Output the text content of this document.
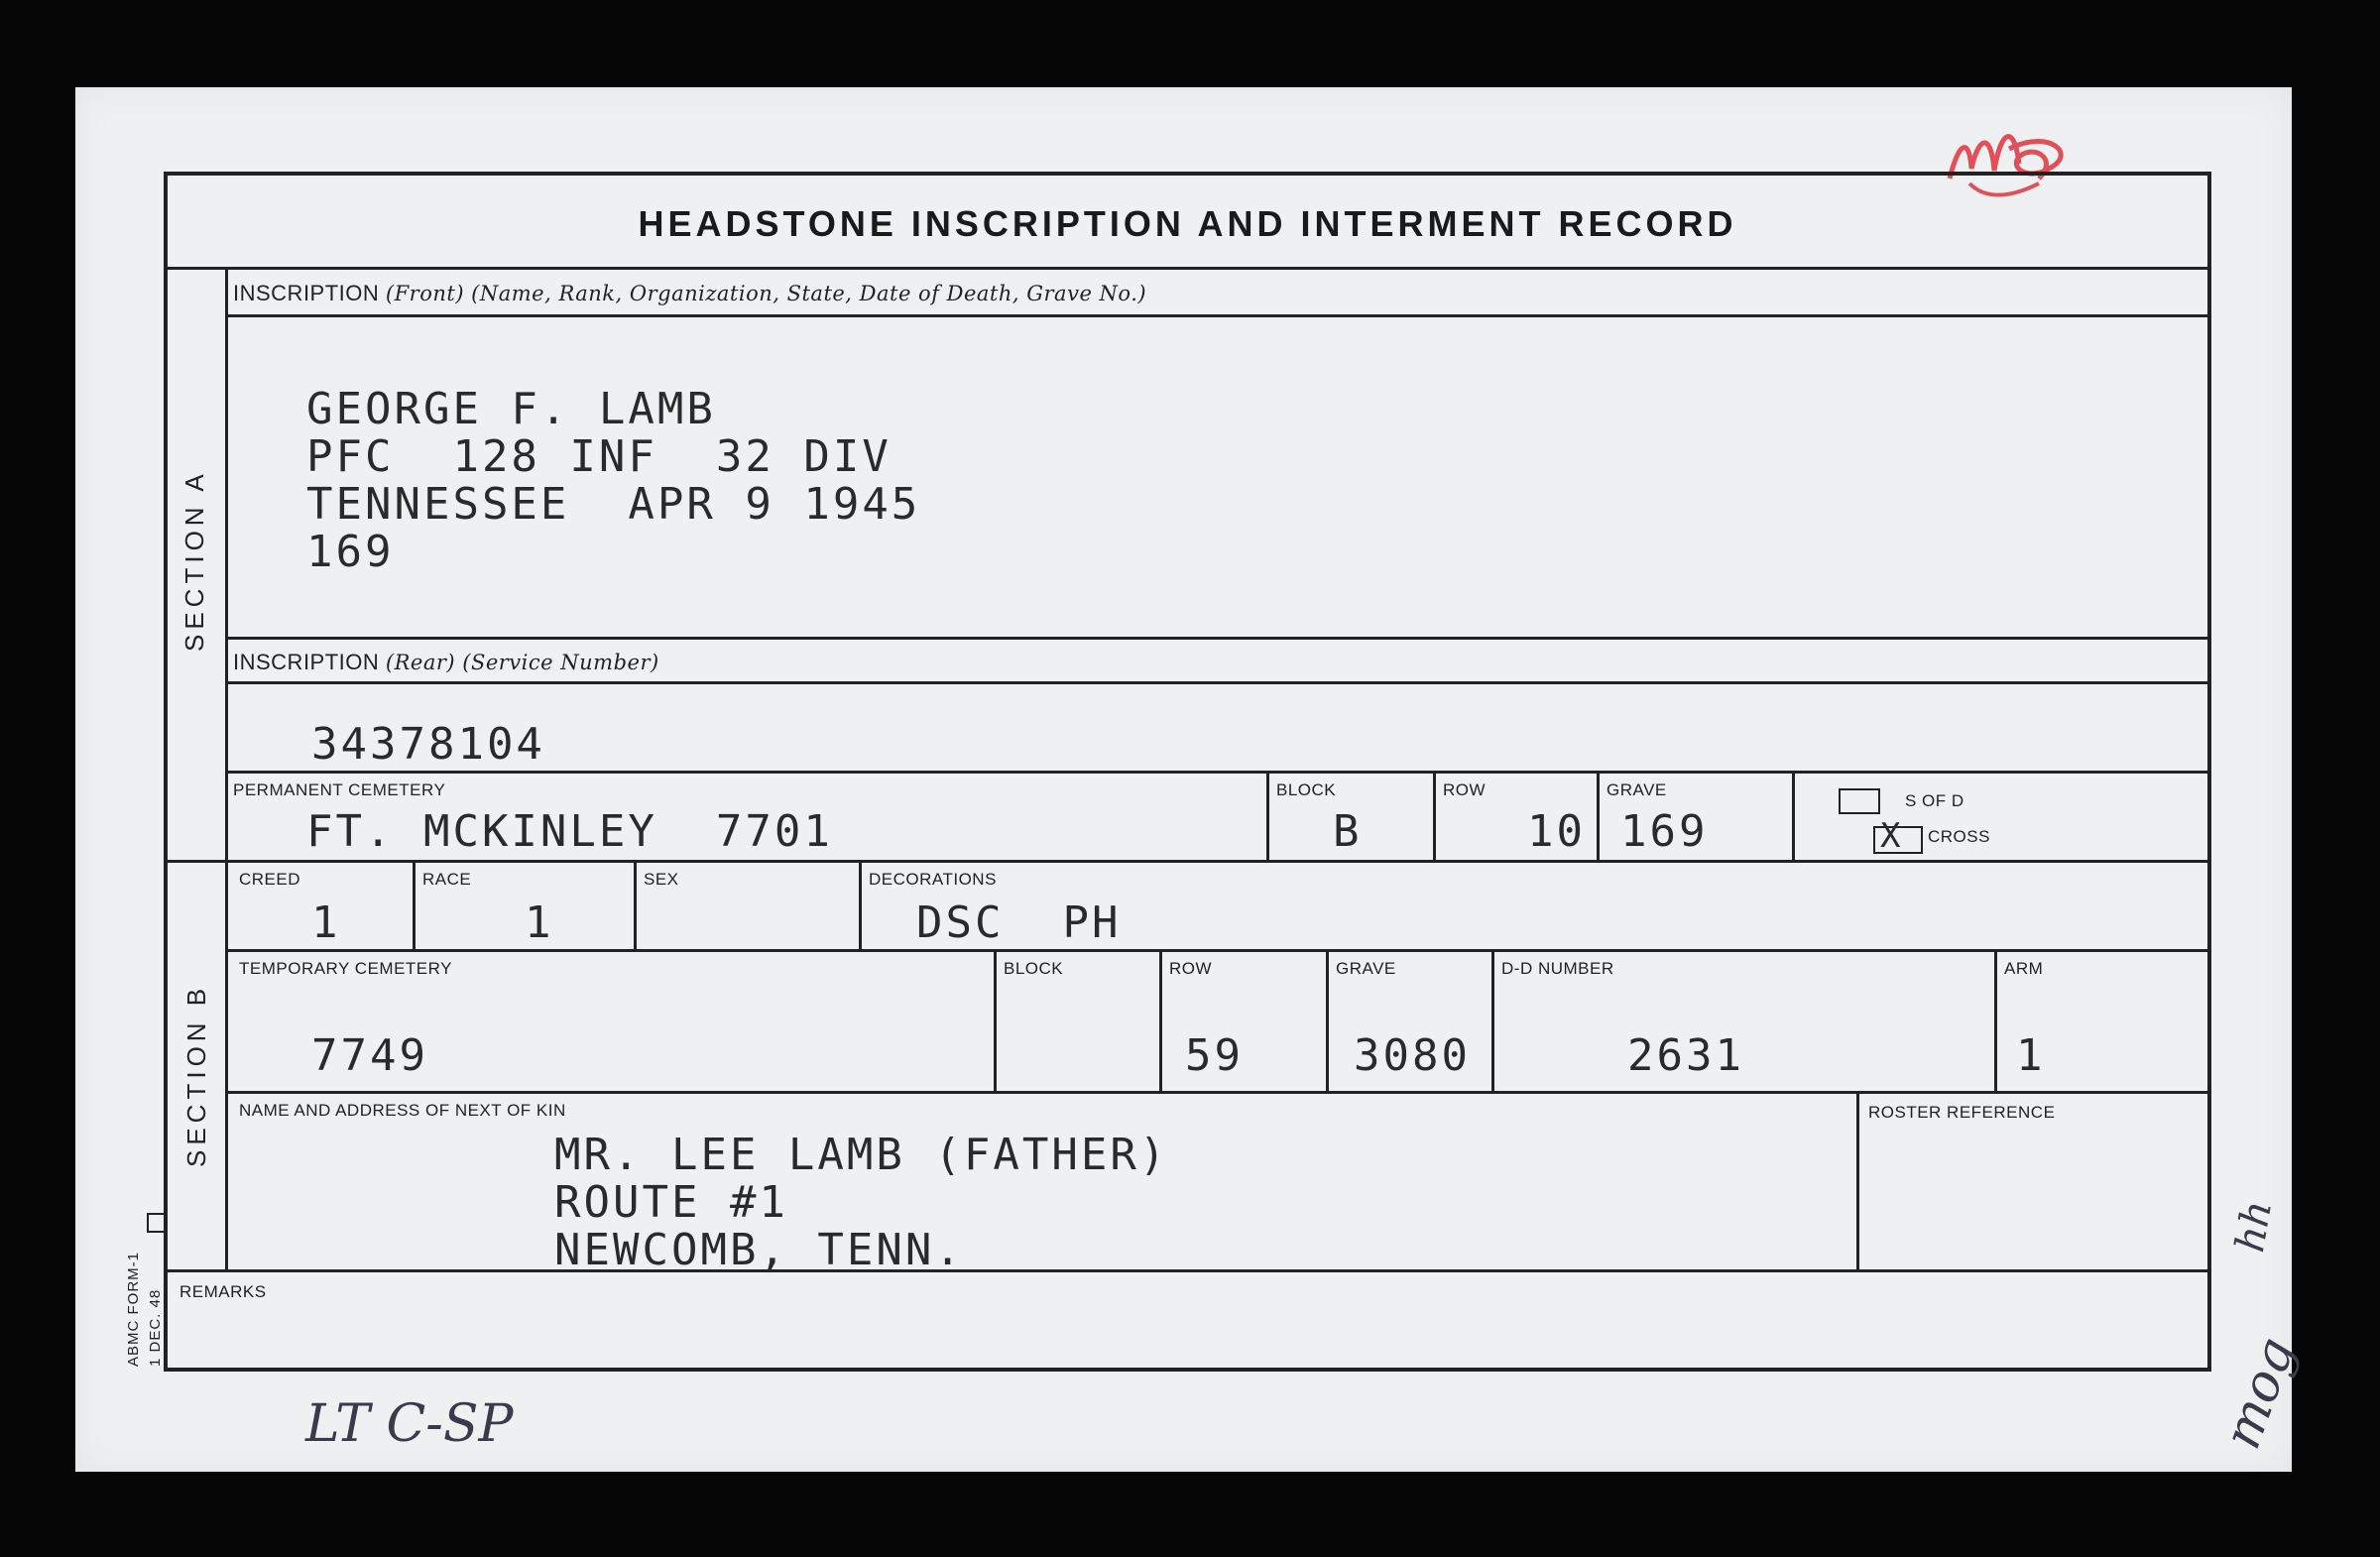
HEADSTONE INSCRIPTION AND INTERMENT RECORD
SECTION A
SECTION B
INSCRIPTION (Front) (Name, Rank, Organization, State, Date of Death, Grave No.)
GEORGE F. LAMB
PFC  128 INF  32 DIV
TENNESSEE  APR 9 1945
169
INSCRIPTION (Rear) (Service Number)
34378104
PERMANENT CEMETERY
FT. MCKINLEY  7701
BLOCK
B
ROW
10
GRAVE
169
S OF D
X CROSS
CREED
1
RACE
1
SEX	DECORATIONS
DSC  PH
TEMPORARY CEMETERY
7749
BLOCK	ROW
59
GRAVE
3080
D-D NUMBER
2631
ARM
1
NAME AND ADDRESS OF NEXT OF KIN
MR. LEE LAMB (FATHER)
ROUTE #1
NEWCOMB, TENN.
ROSTER REFERENCE
REMARKS
ABMC FORM-1 1 DEC. 48
LT C-SP
hh
mog
